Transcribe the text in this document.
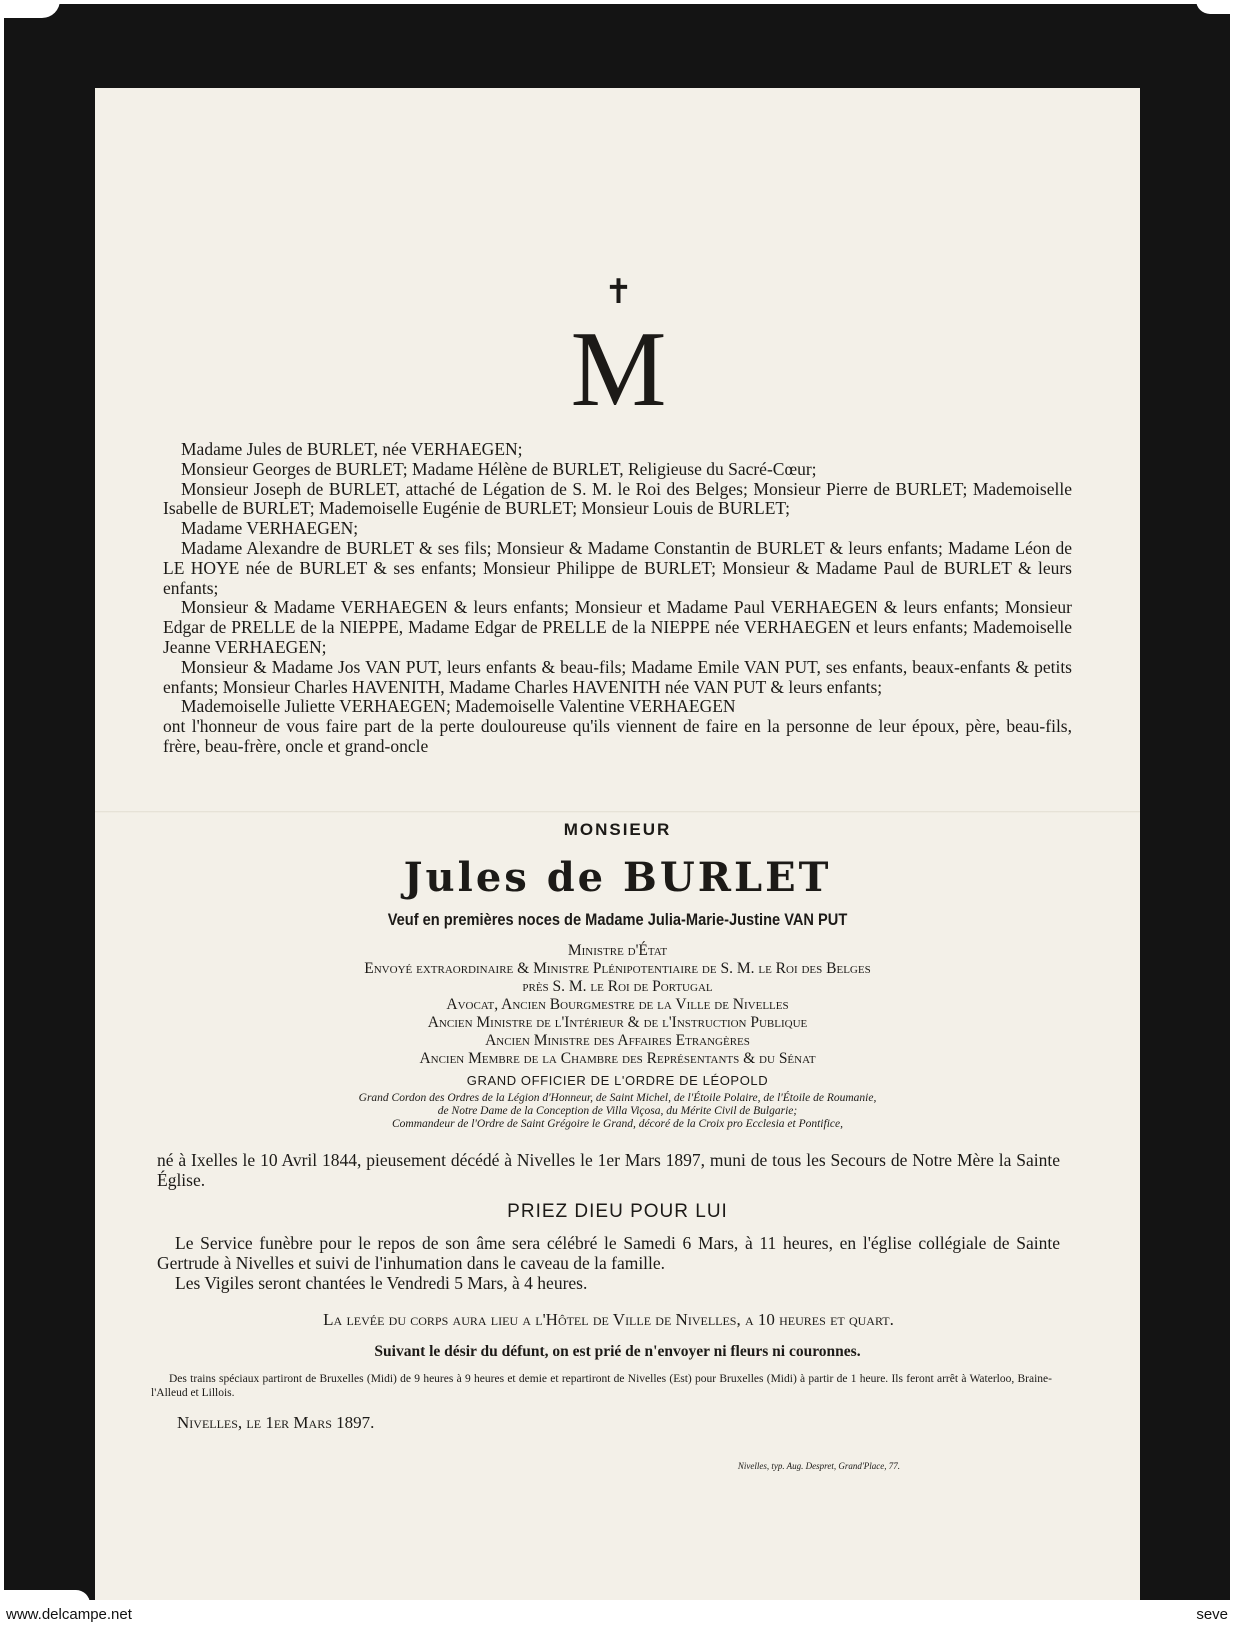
✝
M

Madame Jules de BURLET, née VERHAEGEN;

Monsieur Georges de BURLET; Madame Hélène de BURLET, Religieuse du Sacré-Cœur;

Monsieur Joseph de BURLET, attaché de Légation de S. M. le Roi des Belges; Monsieur Pierre de BURLET; Mademoiselle Isabelle de BURLET; Mademoiselle Eugénie de BURLET; Monsieur Louis de BURLET;

Madame VERHAEGEN;

Madame Alexandre de BURLET & ses fils; Monsieur & Madame Constantin de BURLET & leurs enfants; Madame Léon de LE HOYE née de BURLET & ses enfants; Monsieur Philippe de BURLET; Monsieur & Madame Paul de BURLET & leurs enfants;

Monsieur & Madame VERHAEGEN & leurs enfants; Monsieur et Madame Paul VERHAEGEN & leurs enfants; Monsieur Edgar de PRELLE de la NIEPPE, Madame Edgar de PRELLE de la NIEPPE née VERHAEGEN et leurs enfants; Mademoiselle Jeanne VERHAEGEN;

Monsieur & Madame Jos VAN PUT, leurs enfants & beau-fils; Madame Emile VAN PUT, ses enfants, beaux-enfants & petits enfants; Monsieur Charles HAVENITH, Madame Charles HAVENITH née VAN PUT & leurs enfants;

Mademoiselle Juliette VERHAEGEN; Mademoiselle Valentine VERHAEGEN

ont l'honneur de vous faire part de la perte douloureuse qu'ils viennent de faire en la personne de leur époux, père, beau-fils, frère, beau-frère, oncle et grand-oncle

MONSIEUR
Jules de BURLET
Veuf en premières noces de Madame Julia-Marie-Justine VAN PUT
Ministre d'État
Envoyé extraordinaire & Ministre Plénipotentiaire de S. M. le Roi des Belges
près S. M. le Roi de Portugal
Avocat, Ancien Bourgmestre de la Ville de Nivelles
Ancien Ministre de l'Intérieur & de l'Instruction Publique
Ancien Ministre des Affaires Etrangères
Ancien Membre de la Chambre des Représentants & du Sénat
GRAND OFFICIER DE L'ORDRE DE LÉOPOLD
Grand Cordon des Ordres de la Légion d'Honneur, de Saint Michel, de l'Étoile Polaire, de l'Étoile de Roumanie,
de Notre Dame de la Conception de Villa Viçosa, du Mérite Civil de Bulgarie;
Commandeur de l'Ordre de Saint Grégoire le Grand, décoré de la Croix pro Ecclesia et Pontifice,
né à Ixelles le 10 Avril 1844, pieusement décédé à Nivelles le 1er Mars 1897, muni de tous les Secours de Notre Mère la Sainte Église.
PRIEZ DIEU POUR LUI

Le Service funèbre pour le repos de son âme sera célébré le Samedi 6 Mars, à 11 heures, en l'église collégiale de Sainte Gertrude à Nivelles et suivi de l'inhumation dans le caveau de la famille.

Les Vigiles seront chantées le Vendredi 5 Mars, à 4 heures.

La levée du corps aura lieu a l'Hôtel de Ville de Nivelles, a 10 heures et quart.
Suivant le désir du défunt, on est prié de n'envoyer ni fleurs ni couronnes.

Des trains spéciaux partiront de Bruxelles (Midi) de 9 heures à 9 heures et demie et repartiront de Nivelles (Est) pour Bruxelles (Midi) à partir de 1 heure. Ils feront arrêt à Waterloo, Braine-l'Alleud et Lillois.

Nivelles, le 1er Mars 1897.
Nivelles, typ. Aug. Despret, Grand'Place, 77.
www.delcampe.net	seve
